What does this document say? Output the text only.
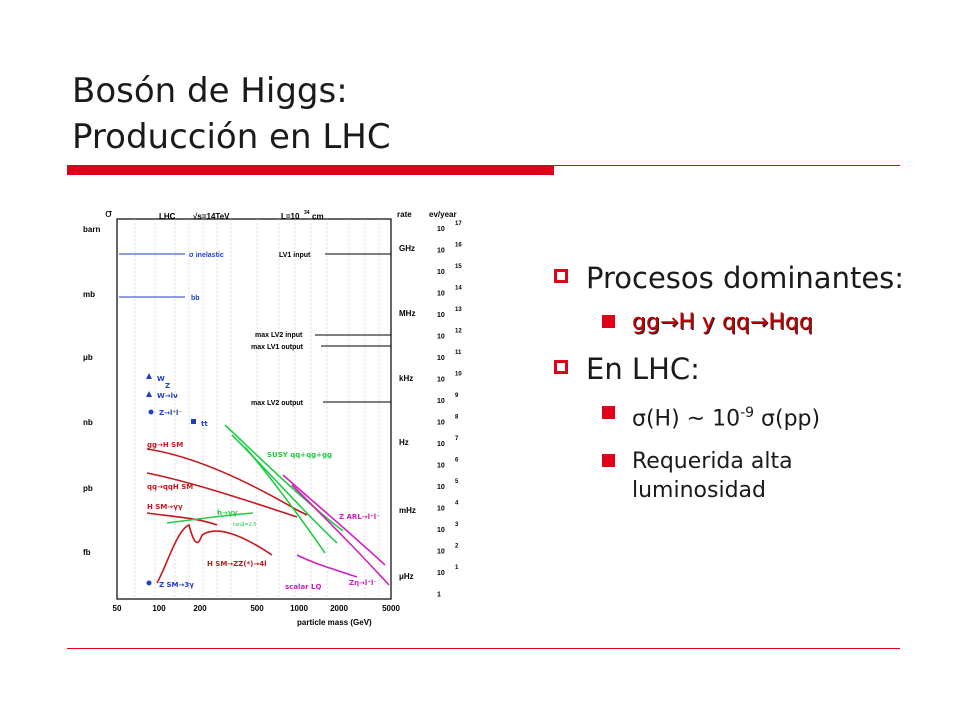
Bosón de Higgs:
Producción en LHC
σ	LHC √s=14TeV	L=10 34 cm	rate ev/year
barn
mb
μb
nb
pb
fb
GHz
MHz
kHz
Hz
mHz
μHz
10
10
10
10
10
10
10
10
10
10
10
10
10
10
10
10
10
1
17
16
15
14
13
12
11
10
9
8
7
6
5
4
3
2
1
50	100	200	500	1000	2000	5000
particle mass (GeV)
σ inelastic
bb
LV1 input
max LV2 input
max LV1 output
max LV2 output
W
Z
W→lν
Z→l⁺l⁻
tt
gg→H SM
qq→qqH SM
H SM→γγ
H SM→ZZ(*)→4l
SUSY qq+qg+gg
h→γγ
tanβ=2.5
Z ARL→l⁺l⁻
scalar LQ	Zη→l⁺l⁻
Z SM→3γ
Procesos dominantes:
gg→H y qq→Hqq
En LHC:
σ(H) ~ $10^{-9}$ σ(pp)
Requerida alta luminosidad
